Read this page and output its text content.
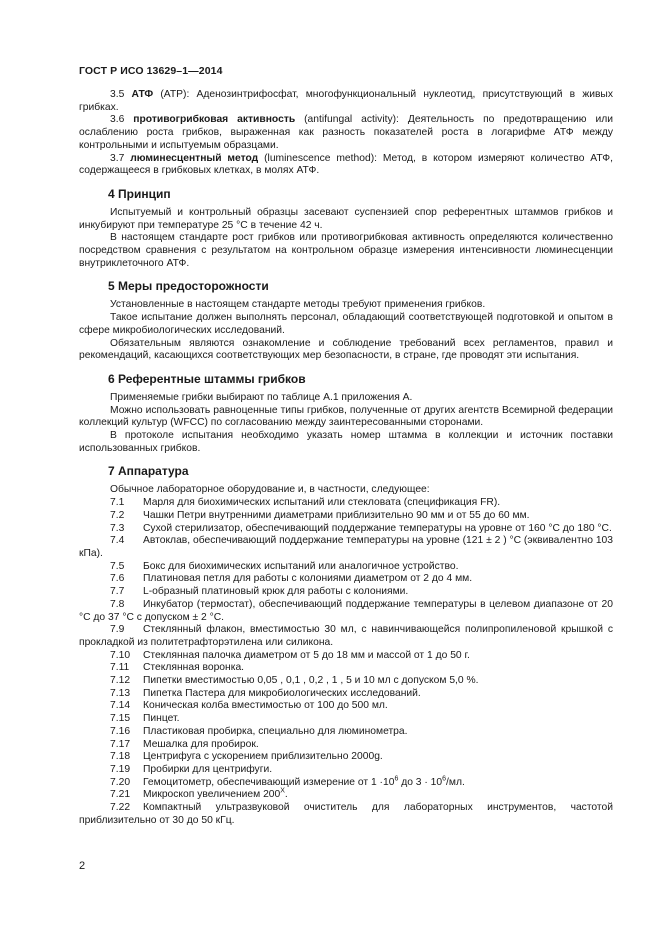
ГОСТ Р ИСО 13629–1—2014

3.5 АТФ (ATP): Аденозинтрифосфат, многофункциональный нуклеотид, присутствующий в живых грибках.

3.6 противогрибковая активность (antifungal activity): Деятельность по предотвращению или ослаблению роста грибков, выраженная как разность показателей роста в логарифме АТФ между контрольными и испытуемым образцами.

3.7 люминесцентный метод (luminescence method): Метод, в котором измеряют количество АТФ, содержащееся в грибковых клетках, в молях АТФ.

4 Принцип

Испытуемый и контрольный образцы засевают суспензией спор референтных штаммов грибков и инкубируют при температуре 25 °С в течение 42 ч.

В настоящем стандарте рост грибков или противогрибковая активность определяются количественно посредством сравнения с результатом на контрольном образце измерения интенсивности люминесценции внутриклеточного АТФ.

5 Меры предосторожности

Установленные в настоящем стандарте методы требуют применения грибков.

Такое испытание должен выполнять персонал, обладающий соответствующей подготовкой и опытом в сфере микробиологических исследований.

Обязательным являются ознакомление и соблюдение требований всех регламентов, правил и рекомендаций, касающихся соответствующих мер безопасности, в стране, где проводят эти испытания.

6 Референтные штаммы грибков

Применяемые грибки выбирают по таблице А.1 приложения А.

Можно использовать равноценные типы грибков, полученные от других агентств Всемирной федерации коллекций культур (WFCC) по согласованию между заинтересованными сторонами.

В протоколе испытания необходимо указать номер штамма в коллекции и источник поставки использованных грибков.

7 Аппаратура

Обычное лабораторное оборудование и, в частности, следующее:

7.1 Марля для биохимических испытаний или стекловата (спецификация FR).

7.2 Чашки Петри внутренними диаметрами приблизительно 90 мм и от 55 до 60 мм.

7.3 Сухой стерилизатор, обеспечивающий поддержание температуры на уровне от 160 °С до 180 °С.

7.4 Автоклав, обеспечивающий поддержание температуры на уровне (121 ± 2 ) °С (эквивалентно 103 кПа).

7.5 Бокс для биохимических испытаний или аналогичное устройство.

7.6 Платиновая петля для работы с колониями диаметром от 2 до 4 мм.

7.7 L-образный платиновый крюк для работы с колониями.

7.8 Инкубатор (термостат), обеспечивающий поддержание температуры в целевом диапазоне от 20 °С до 37 °С с допуском ± 2 °С.

7.9 Стеклянный флакон, вместимостью 30 мл, с навинчивающейся полипропиленовой крышкой с прокладкой из политетрафторэтилена или силикона.

7.10 Стеклянная палочка диаметром от 5 до 18 мм и массой от 1 до 50 г.

7.11 Стеклянная воронка.

7.12 Пипетки вместимостью 0,05 , 0,1 , 0,2 , 1 , 5 и 10 мл с допуском 5,0 %.

7.13 Пипетка Пастера для микробиологических исследований.

7.14 Коническая колба вместимостью от 100 до 500 мл.

7.15 Пинцет.

7.16 Пластиковая пробирка, специально для люминометра.

7.17 Мешалка для пробирок.

7.18 Центрифуга с ускорением приблизительно 2000g.

7.19 Пробирки для центрифуги.

7.20 Гемоцитометр, обеспечивающий измерение от $1 \cdot 10^6$ до $3 \cdot 10^6/мл$.

7.21 Микроскоп увеличением $200^Х$.

7.22 Компактный ультразвуковой очиститель для лабораторных инструментов, частотой приблизительно от 30 до 50 кГц.

2
